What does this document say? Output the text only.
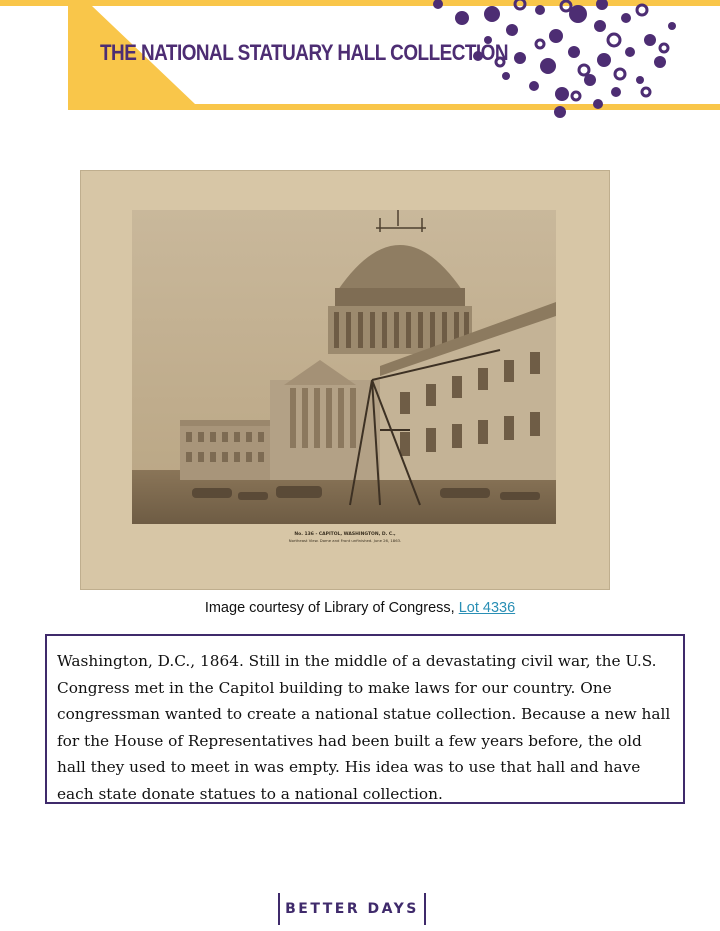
THE NATIONAL STATUARY HALL COLLECTION
No. 136 - CAPITOL, WASHINGTON, D. C.,
Northeast View. Dome and Front unfinished. June 26, 1863.
Image courtesy of Library of Congress, Lot 4336

Washington, D.C., 1864. Still in the middle of a devastating civil war, the U.S. Congress met in the Capitol building to make laws for our country. One congressman wanted to create a national statue collection. Because a new hall for the House of Representatives had been built a few years before, the old hall they used to meet in was empty. His idea was to use that hall and have each state donate statues to a national collection.

BETTER DAYS
